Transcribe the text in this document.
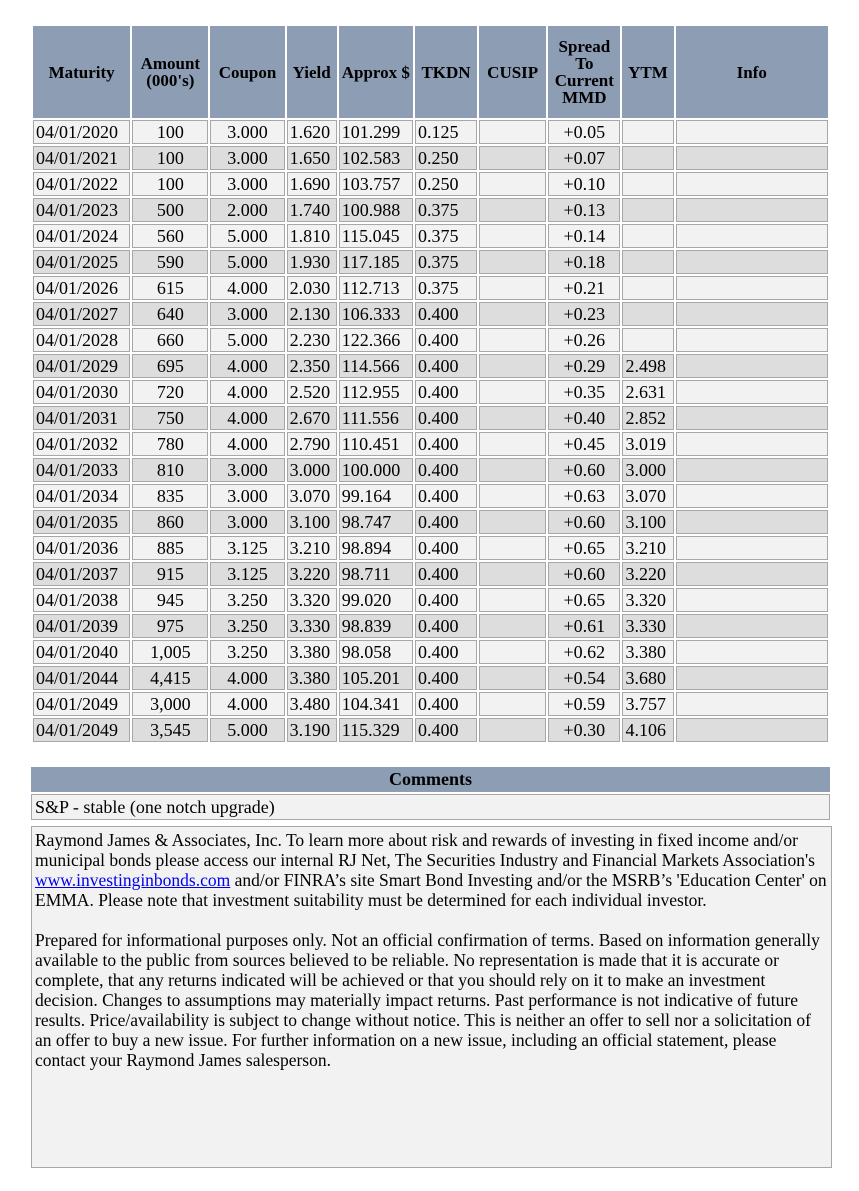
Maturity	Amount (000's)	Coupon	Yield	Approx $	TKDN	CUSIP	Spread To Current MMD	YTM	Info
04/01/2020	100	3.000	1.620	101.299	0.125		+0.05		
04/01/2021	100	3.000	1.650	102.583	0.250		+0.07		
04/01/2022	100	3.000	1.690	103.757	0.250		+0.10		
04/01/2023	500	2.000	1.740	100.988	0.375		+0.13		
04/01/2024	560	5.000	1.810	115.045	0.375		+0.14		
04/01/2025	590	5.000	1.930	117.185	0.375		+0.18		
04/01/2026	615	4.000	2.030	112.713	0.375		+0.21		
04/01/2027	640	3.000	2.130	106.333	0.400		+0.23		
04/01/2028	660	5.000	2.230	122.366	0.400		+0.26		
04/01/2029	695	4.000	2.350	114.566	0.400		+0.29	2.498	
04/01/2030	720	4.000	2.520	112.955	0.400		+0.35	2.631	
04/01/2031	750	4.000	2.670	111.556	0.400		+0.40	2.852	
04/01/2032	780	4.000	2.790	110.451	0.400		+0.45	3.019	
04/01/2033	810	3.000	3.000	100.000	0.400		+0.60	3.000	
04/01/2034	835	3.000	3.070	99.164	0.400		+0.63	3.070	
04/01/2035	860	3.000	3.100	98.747	0.400		+0.60	3.100	
04/01/2036	885	3.125	3.210	98.894	0.400		+0.65	3.210	
04/01/2037	915	3.125	3.220	98.711	0.400		+0.60	3.220	
04/01/2038	945	3.250	3.320	99.020	0.400		+0.65	3.320	
04/01/2039	975	3.250	3.330	98.839	0.400		+0.61	3.330	
04/01/2040	1,005	3.250	3.380	98.058	0.400		+0.62	3.380	
04/01/2044	4,415	4.000	3.380	105.201	0.400		+0.54	3.680	
04/01/2049	3,000	4.000	3.480	104.341	0.400		+0.59	3.757	
04/01/2049	3,545	5.000	3.190	115.329	0.400		+0.30	4.106	
Comments
S&P - stable (one notch upgrade)

Raymond James & Associates, Inc. To learn more about risk and rewards of investing in fixed income and/or municipal bonds please access our internal RJ Net, The Securities Industry and Financial Markets Association's www.investinginbonds.com and/or FINRA’s site Smart Bond Investing and/or the MSRB’s 'Education Center' on EMMA. Please note that investment suitability must be determined for each individual investor.

Prepared for informational purposes only. Not an official confirmation of terms. Based on information generally available to the public from sources believed to be reliable. No representation is made that it is accurate or complete, that any returns indicated will be achieved or that you should rely on it to make an investment decision. Changes to assumptions may materially impact returns. Past performance is not indicative of future results. Price/availability is subject to change without notice. This is neither an offer to sell nor a solicitation of an offer to buy a new issue. For further information on a new issue, including an official statement, please contact your Raymond James salesperson.
